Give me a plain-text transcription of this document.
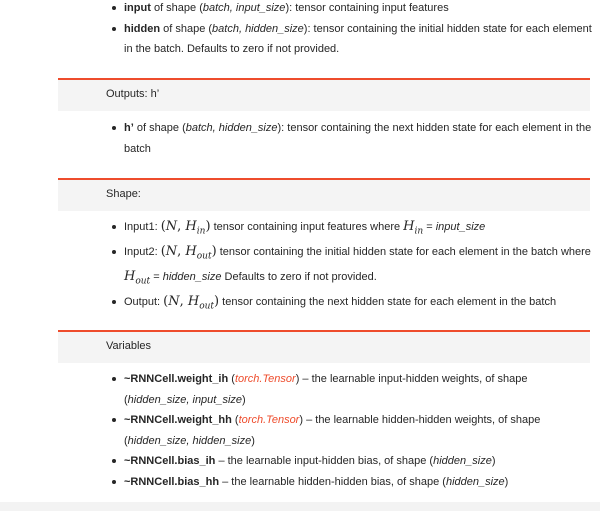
input of shape (batch, input_size): tensor containing input features
hidden of shape (batch, hidden_size): tensor containing the initial hidden state for each element in the batch. Defaults to zero if not provided.
Outputs: h’
h’ of shape (batch, hidden_size): tensor containing the next hidden state for each element in the batch
Shape:
Input1: (N, $H_{in}$) tensor containing input features where $H_{in}$ = input_size
Input2: (N, $H_{out}$) tensor containing the initial hidden state for each element in the batch where $H_{out}$ = hidden_size Defaults to zero if not provided.
Output: (N, $H_{out}$) tensor containing the next hidden state for each element in the batch
Variables
~RNNCell.weight_ih (torch.Tensor) – the learnable input-hidden weights, of shape (hidden_size, input_size)
~RNNCell.weight_hh (torch.Tensor) – the learnable hidden-hidden weights, of shape (hidden_size, hidden_size)
~RNNCell.bias_ih – the learnable input-hidden bias, of shape (hidden_size)
~RNNCell.bias_hh – the learnable hidden-hidden bias, of shape (hidden_size)
